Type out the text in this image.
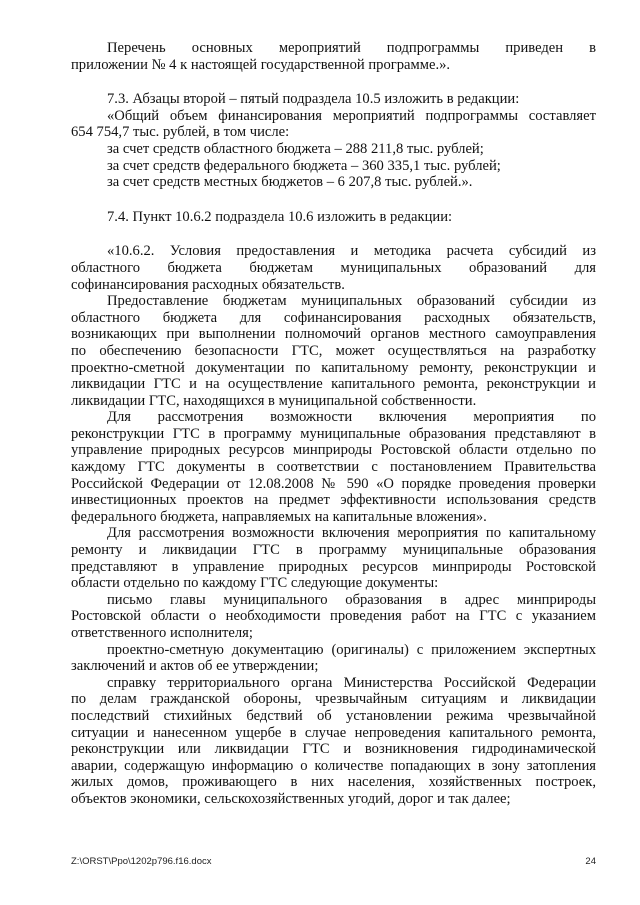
Перечень основных мероприятий подпрограммы приведен в

приложении № 4 к настоящей государственной программе.».

7.3. Абзацы второй – пятый подраздела 10.5 изложить в редакции:

«Общий объем финансирования мероприятий подпрограммы составляет

654 754,7 тыс. рублей, в том числе:

за счет средств областного бюджета – 288 211,8 тыс. рублей;

за счет средств федерального бюджета – 360 335,1 тыс. рублей;

за счет средств местных бюджетов – 6 207,8 тыс. рублей.».

7.4. Пункт 10.6.2 подраздела 10.6 изложить в редакции:

«10.6.2. Условия предоставления и методика расчета субсидий из

областного бюджета бюджетам муниципальных образований для

софинансирования расходных обязательств.

Предоставление бюджетам муниципальных образований субсидии из

областного бюджета для софинансирования расходных обязательств,

возникающих при выполнении полномочий органов местного самоуправления

по обеспечению безопасности ГТС, может осуществляться на разработку

проектно-сметной документации по капитальному ремонту, реконструкции и

ликвидации ГТС и на осуществление капитального ремонта, реконструкции и

ликвидации ГТС, находящихся в муниципальной собственности.

Для рассмотрения возможности включения мероприятия по

реконструкции ГТС в программу муниципальные образования представляют в

управление природных ресурсов минприроды Ростовской области отдельно по

каждому ГТС документы в соответствии с постановлением Правительства

Российской Федерации от 12.08.2008 № 590 «О порядке проведения проверки

инвестиционных проектов на предмет эффективности использования средств

федерального бюджета, направляемых на капитальные вложения».

Для рассмотрения возможности включения мероприятия по капитальному

ремонту и ликвидации ГТС в программу муниципальные образования

представляют в управление природных ресурсов минприроды Ростовской

области отдельно по каждому ГТС следующие документы:

письмо главы муниципального образования в адрес минприроды

Ростовской области о необходимости проведения работ на ГТС с указанием

ответственного исполнителя;

проектно-сметную документацию (оригиналы) с приложением экспертных

заключений и актов об ее утверждении;

справку территориального органа Министерства Российской Федерации

по делам гражданской обороны, чрезвычайным ситуациям и ликвидации

последствий стихийных бедствий об установлении режима чрезвычайной

ситуации и нанесенном ущербе в случае непроведения капитального ремонта,

реконструкции или ликвидации ГТС и возникновения гидродинамической

аварии, содержащую информацию о количестве попадающих в зону затопления

жилых домов, проживающего в них населения, хозяйственных построек,

объектов экономики, сельскохозяйственных угодий, дорог и так далее;

Z:\ORST\Ppo\1202p796.f16.docx	24
